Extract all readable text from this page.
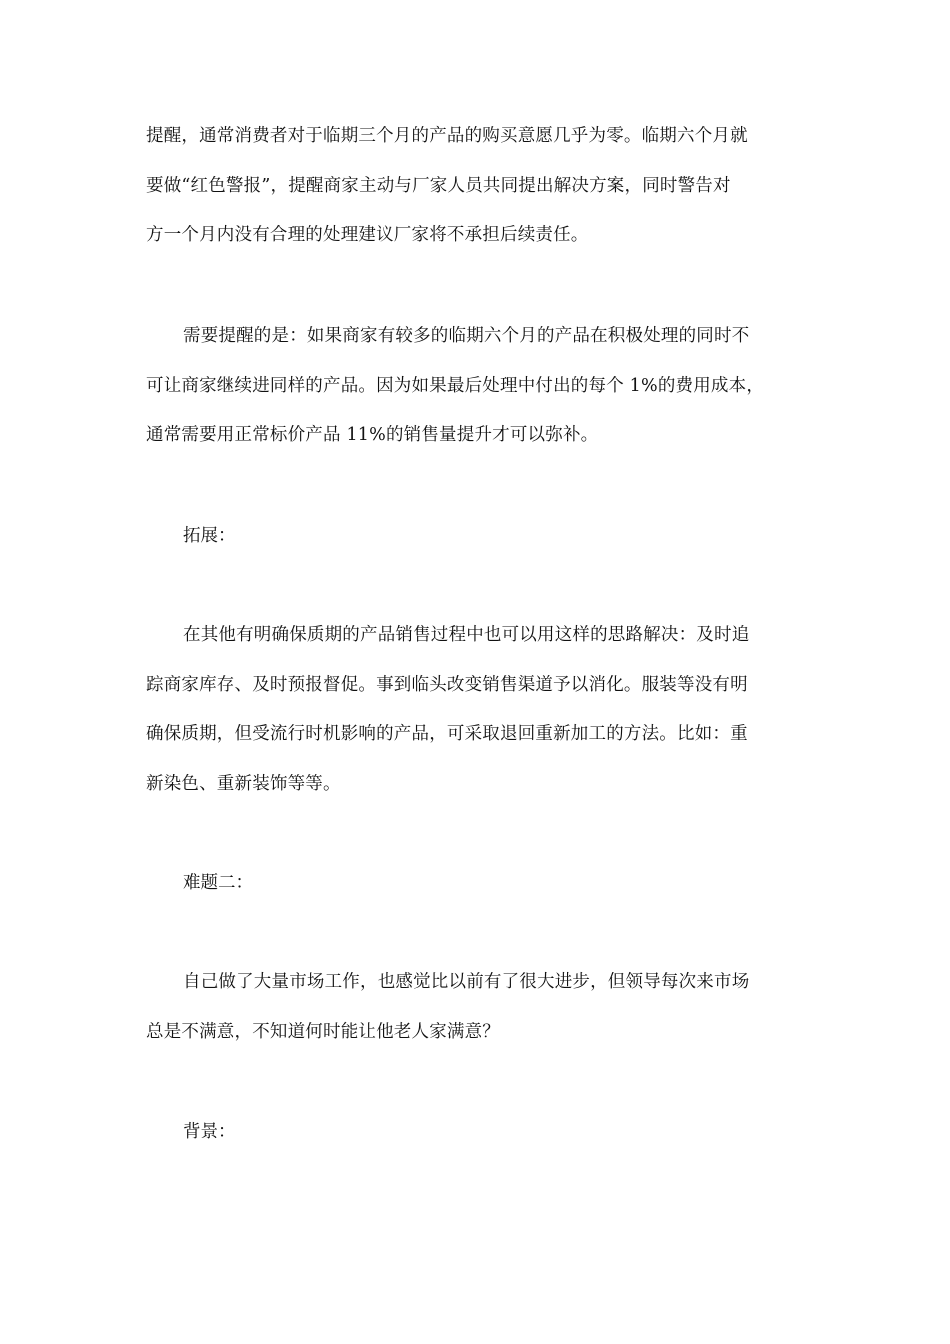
提醒，通常消费者对于临期三个月的产品的购买意愿几乎为零。临期六个月就
要做“红色警报”，提醒商家主动与厂家人员共同提出解决方案，同时警告对
方一个月内没有合理的处理建议厂家将不承担后续责任。
需要提醒的是：如果商家有较多的临期六个月的产品在积极处理的同时不
可让商家继续进同样的产品。因为如果最后处理中付出的每个 1%的费用成本，
通常需要用正常标价产品 11%的销售量提升才可以弥补。

拓展：

在其他有明确保质期的产品销售过程中也可以用这样的思路解决：及时追
踪商家库存、及时预报督促。事到临头改变销售渠道予以消化。服装等没有明
确保质期，但受流行时机影响的产品，可采取退回重新加工的方法。比如：重
新染色、重新装饰等等。

难题二：

自己做了大量市场工作，也感觉比以前有了很大进步，但领导每次来市场
总是不满意，不知道何时能让他老人家满意？

背景：
